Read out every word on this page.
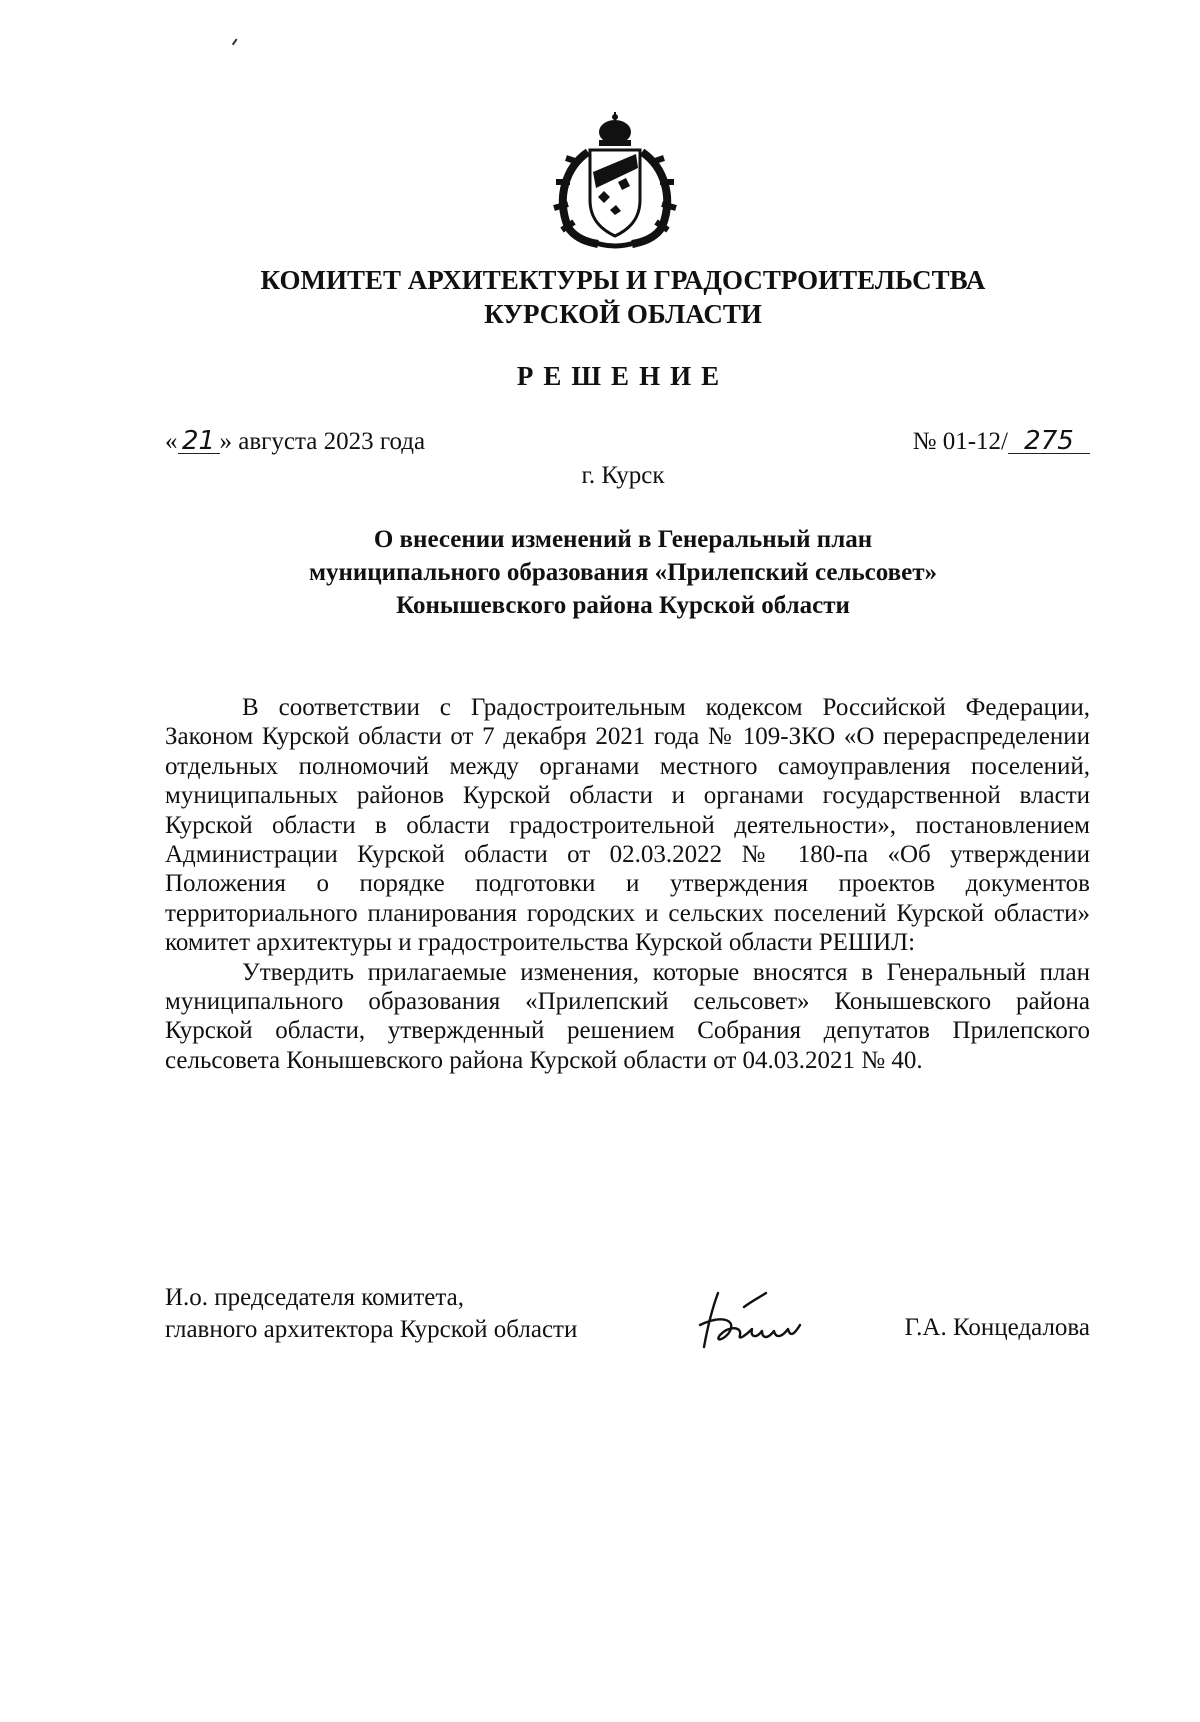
КОМИТЕТ АРХИТЕКТУРЫ И ГРАДОСТРОИТЕЛЬСТВА
КУРСКОЙ ОБЛАСТИ
РЕШЕНИЕ
« 21 » августа 2023 года	№ 01-12/ 275
г. Курск
О внесении изменений в Генеральный план
муниципального образования «Прилепский сельсовет»
Конышевского района Курской области

В соответствии с Градостроительным кодексом Российской Федерации, Законом Курской области от 7 декабря 2021 года № 109-ЗКО «О перераспределении отдельных полномочий между органами местного самоуправления поселений, муниципальных районов Курской области и органами государственной власти Курской области в области градостроительной деятельности», постановлением Администрации Курской области от 02.03.2022 № 180-па «Об утверждении Положения о порядке подготовки и утверждения проектов документов территориального планирования городских и сельских поселений Курской области» комитет архитектуры и градостроительства Курской области РЕШИЛ:

Утвердить прилагаемые изменения, которые вносятся в Генеральный план муниципального образования «Прилепский сельсовет» Конышевского района Курской области, утвержденный решением Собрания депутатов Прилепского сельсовета Конышевского района Курской области от 04.03.2021 № 40.

И.о. председателя комитета,
главного архитектора Курской области	Г.А. Концедалова
